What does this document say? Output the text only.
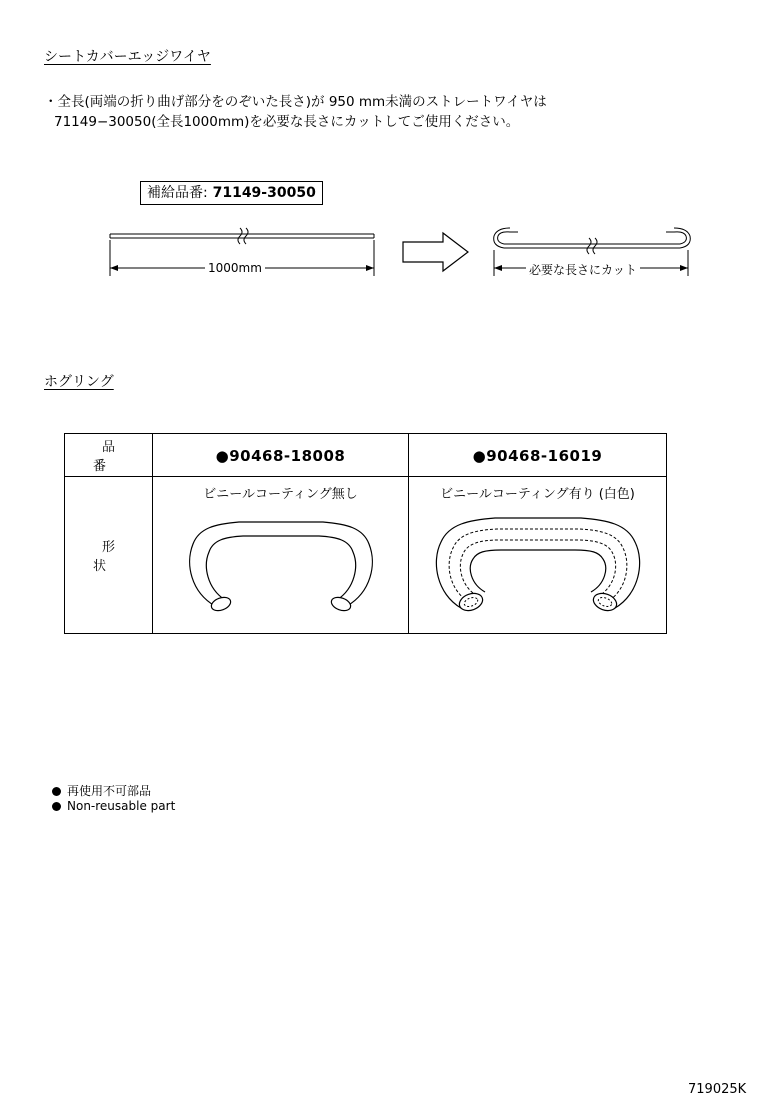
シートカバーエッジワイヤ
・全長(両端の折り曲げ部分をのぞいた長さ)が 950 mm未満のストレートワイヤは
71149−30050(全長1000mm)を必要な長さにカットしてご使用ください。
補給品番: 71149-30050
1000mm	必要な長さにカット
ホグリング
品 番	●90468-18008	●90468-16019
形 状	ビニールコーティング無し	ビニールコーティング有り (白色)
再使用不可部品
Non-reusable part
719025K
